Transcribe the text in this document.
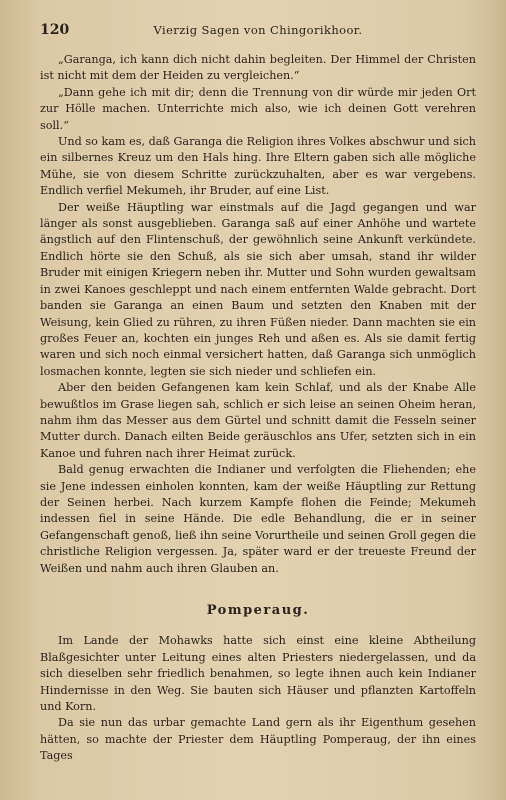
120	Vierzig Sagen von Chingorikhoor.

„Garanga, ich kann dich nicht dahin begleiten. Der Himmel der Christen ist nicht mit dem der Heiden zu vergleichen.“

„Dann gehe ich mit dir; denn die Trennung von dir würde mir jeden Ort zur Hölle machen. Unterrichte mich also, wie ich deinen Gott verehren soll.“

Und so kam es, daß Garanga die Religion ihres Volkes abschwur und sich ein silbernes Kreuz um den Hals hing. Ihre Eltern gaben sich alle mögliche Mühe, sie von diesem Schritte zurückzuhalten, aber es war vergebens. Endlich verfiel Mekumeh, ihr Bruder, auf eine List.

Der weiße Häuptling war einstmals auf die Jagd gegangen und war länger als sonst ausgeblieben. Garanga saß auf einer Anhöhe und wartete ängstlich auf den Flintenschuß, der gewöhnlich seine Ankunft verkündete. Endlich hörte sie den Schuß, als sie sich aber umsah, stand ihr wilder Bruder mit einigen Kriegern neben ihr. Mutter und Sohn wurden gewaltsam in zwei Kanoes geschleppt und nach einem entfernten Walde gebracht. Dort banden sie Garanga an einen Baum und setzten den Knaben mit der Weisung, kein Glied zu rühren, zu ihren Füßen nieder. Dann machten sie ein großes Feuer an, kochten ein junges Reh und aßen es. Als sie damit fertig waren und sich noch einmal versichert hatten, daß Garanga sich unmöglich losmachen konnte, legten sie sich nieder und schliefen ein.

Aber den beiden Gefangenen kam kein Schlaf, und als der Knabe Alle bewußtlos im Grase liegen sah, schlich er sich leise an seinen Oheim heran, nahm ihm das Messer aus dem Gürtel und schnitt damit die Fesseln seiner Mutter durch. Danach eilten Beide geräuschlos ans Ufer, setzten sich in ein Kanoe und fuhren nach ihrer Heimat zurück.

Bald genug erwachten die Indianer und verfolgten die Fliehenden; ehe sie Jene indessen einholen konnten, kam der weiße Häuptling zur Rettung der Seinen herbei. Nach kurzem Kampfe flohen die Feinde; Mekumeh indessen fiel in seine Hände. Die edle Behandlung, die er in seiner Gefangenschaft genoß, ließ ihn seine Vorurtheile und seinen Groll gegen die christliche Religion vergessen. Ja, später ward er der treueste Freund der Weißen und nahm auch ihren Glauben an.

Pomperaug.

Im Lande der Mohawks hatte sich einst eine kleine Abtheilung Blaßgesichter unter Leitung eines alten Priesters niedergelassen, und da sich dieselben sehr friedlich benahmen, so legte ihnen auch kein Indianer Hindernisse in den Weg. Sie bauten sich Häuser und pflanzten Kartoffeln und Korn.

Da sie nun das urbar gemachte Land gern als ihr Eigenthum gesehen hätten, so machte der Priester dem Häuptling Pomperaug, der ihn eines Tages
